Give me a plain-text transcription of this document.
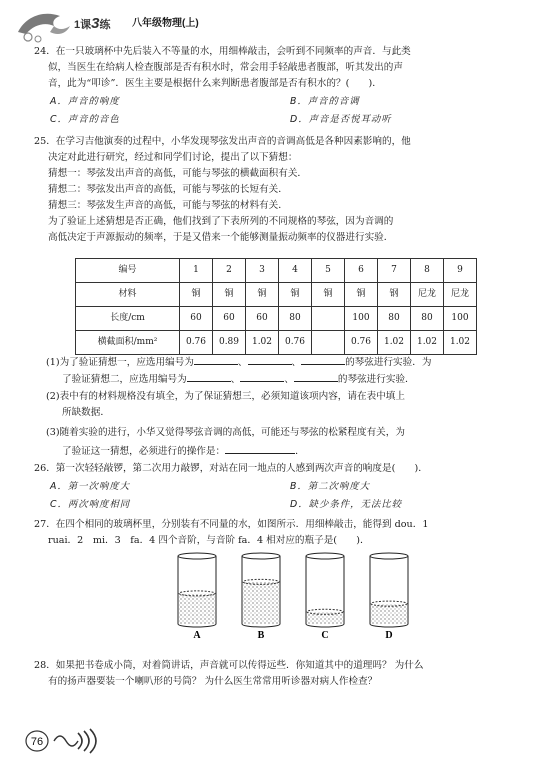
1课3练 八年级物理(上)
24．在一只玻璃杯中先后装入不等量的水，用细棒敲击，会听到不同频率的声音．与此类
似，当医生在给病人检查腹部是否有积水时，常会用手轻敲患者腹部，听其发出的声
音，此为“叩诊”．医生主要是根据什么来判断患者腹部是否有积水的？(　　)．
A．声音的响度	B．声音的音调
C．声音的音色	D．声音是否悦耳动听
25．在学习吉他演奏的过程中，小华发现琴弦发出声音的音调高低是各种因素影响的，他
决定对此进行研究，经过和同学们讨论，提出了以下猜想：
猜想一：琴弦发出声音的高低，可能与琴弦的横截面积有关．
猜想二：琴弦发出声音的高低，可能与琴弦的长短有关．
猜想三：琴弦发生声音的高低，可能与琴弦的材料有关．
为了验证上述猜想是否正确，他们找到了下表所列的不同规格的琴弦，因为音调的
高低决定于声源振动的频率，于是又借来一个能够测量振动频率的仪器进行实验．
编号	1	2	3	4	5	6	7	8	9
材料	铜	铜	铜	铜	铜	铜	钢	尼龙	尼龙
长度/cm	60	60	60	80		100	80	80	100
横截面积/mm²	0.76	0.89	1.02	0.76		0.76	1.02	1.02	1.02
(1)为了验证猜想一，应选用编号为	、	、	的琴弦进行实验．为
了验证猜想二，应选用编号为	、	、	的琴弦进行实验．
(2)表中有的材料规格没有填全，为了保证猜想三，必须知道该项内容，请在表中填上
所缺数据．
(3)随着实验的进行，小华又觉得琴弦音调的高低，可能还与琴弦的松紧程度有关，为
了验证这一猜想，必须进行的操作是：	．
26．第一次轻轻敲锣，第二次用力敲锣，对站在同一地点的人感到两次声音的响度是(　　)．
A．第一次响度大	B．第二次响度大
C．两次响度相同	D．缺少条件，无法比较
27．在四个相同的玻璃杯里，分别装有不同量的水，如图所示．用细棒敲击，能得到 dou．1
ruai．2　mi．3　fa．4 四个音阶，与音阶 fa．4 相对应的瓶子是(　　)．
28．如果把书卷成小筒，对着筒讲话，声音就可以传得远些．你知道其中的道理吗？ 为什么
有的扬声器要装一个喇叭形的号筒？ 为什么医生常常用听诊器对病人作检查？
A	B	C	D
76
